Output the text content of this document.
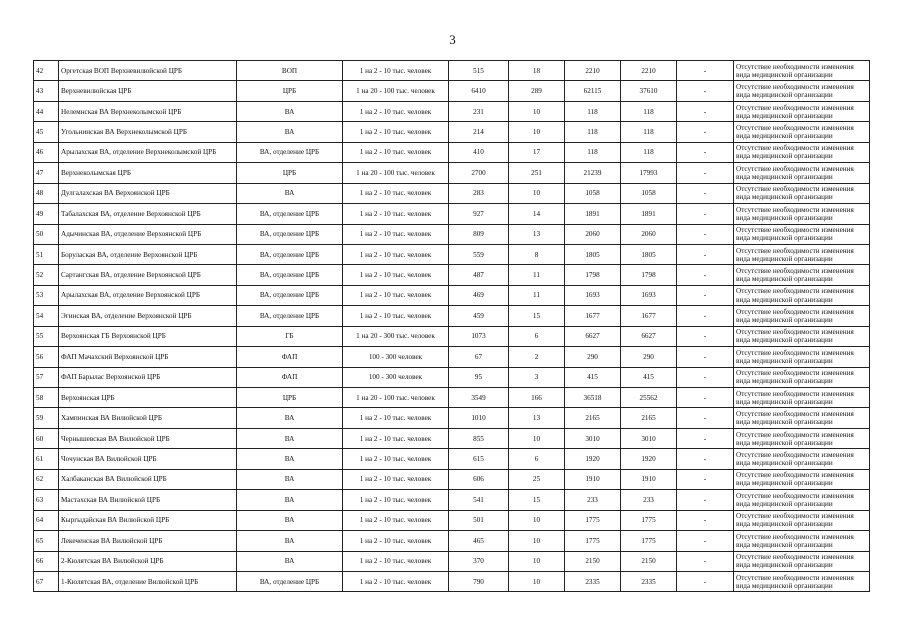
3
42	Оргетская ВОП Верхневилюйской ЦРБ	ВОП	1 на 2 - 10 тыс. человек	515	18	2210	2210	-	Отсутствие необходимости изменения вида медицинской организации
43	Верхневилюйская ЦРБ	ЦРБ	1 на 20 - 100 тыс. человек	6410	289	62115	37610	-	Отсутствие необходимости изменения вида медицинской организации
44	Нелемнская ВА Верхнеколымской ЦРБ	ВА	1 на 2 - 10 тыс. человек	231	10	118	118	-	Отсутствие необходимости изменения вида медицинской организации
45	Угольнинская ВА Верхнеколымской ЦРБ	ВА	1 на 2 - 10 тыс. человек	214	10	118	118	-	Отсутствие необходимости изменения вида медицинской организации
46	Арылахская ВА, отделение Верхнеколымской ЦРБ	ВА, отделение ЦРБ	1 на 2 - 10 тыс. человек	410	17	118	118	-	Отсутствие необходимости изменения вида медицинской организации
47	Верхнеколымская ЦРБ	ЦРБ	1 на 20 - 100 тыс. человек	2700	251	21239	17993	-	Отсутствие необходимости изменения вида медицинской организации
48	Дулгалахская ВА Верхоянской ЦРБ	ВА	1 на 2 - 10 тыс. человек	283	10	1058	1058	-	Отсутствие необходимости изменения вида медицинской организации
49	Табалахская ВА, отделение Верхоянской ЦРБ	ВА, отделение ЦРБ	1 на 2 - 10 тыс. человек	927	14	1891	1891	-	Отсутствие необходимости изменения вида медицинской организации
50	Адычинская ВА, отделение Верхоянской ЦРБ	ВА, отделение ЦРБ	1 на 2 - 10 тыс. человек	809	13	2060	2060	-	Отсутствие необходимости изменения вида медицинской организации
51	Борулаская ВА, отделение Верхоянской ЦРБ	ВА, отделение ЦРБ	1 на 2 - 10 тыс. человек	559	8	1805	1805	-	Отсутствие необходимости изменения вида медицинской организации
52	Сартангская ВА, отделение Верхоянской ЦРБ	ВА, отделение ЦРБ	1 на 2 - 10 тыс. человек	487	11	1798	1798	-	Отсутствие необходимости изменения вида медицинской организации
53	Арылахская ВА, отделение Верхоянской ЦРБ	ВА, отделение ЦРБ	1 на 2 - 10 тыс. человек	469	11	1693	1693	-	Отсутствие необходимости изменения вида медицинской организации
54	Эгинская ВА, отделение Верхоянской ЦРБ	ВА, отделение ЦРБ	1 на 2 - 10 тыс. человек	459	15	1677	1677	-	Отсутствие необходимости изменения вида медицинской организации
55	Верхоянская ГБ Верхоянской ЦРБ	ГБ	1 на 20 - 300 тыс. человек	1073	6	6627	6627	-	Отсутствие необходимости изменения вида медицинской организации
56	ФАП Мачахский Верхоянской ЦРБ	ФАП	100 - 300 человек	67	2	290	290	-	Отсутствие необходимости изменения вида медицинской организации
57	ФАП Барылас Верхоянской ЦРБ	ФАП	100 - 300 человек	95	3	415	415	-	Отсутствие необходимости изменения вида медицинской организации
58	Верхоянская ЦРБ	ЦРБ	1 на 20 - 100 тыс. человек	3549	166	36518	25562	-	Отсутствие необходимости изменения вида медицинской организации
59	Хампинская ВА Вилюйской ЦРБ	ВА	1 на 2 - 10 тыс. человек	1010	13	2165	2165	-	Отсутствие необходимости изменения вида медицинской организации
60	Чернышевская ВА Вилюйской ЦРБ	ВА	1 на 2 - 10 тыс. человек	855	10	3010	3010	-	Отсутствие необходимости изменения вида медицинской организации
61	Чочунская ВА Вилюйской ЦРБ	ВА	1 на 2 - 10 тыс. человек	615	6	1920	1920	-	Отсутствие необходимости изменения вида медицинской организации
62	Халбаканская ВА Вилюйской ЦРБ	ВА	1 на 2 - 10 тыс. человек	606	25	1910	1910	-	Отсутствие необходимости изменения вида медицинской организации
63	Мастахская ВА Вилюйской ЦРБ	ВА	1 на 2 - 10 тыс. человек	541	15	233	233	-	Отсутствие необходимости изменения вида медицинской организации
64	Кыргыдайская ВА Вилюйской ЦРБ	ВА	1 на 2 - 10 тыс. человек	501	10	1775	1775	-	Отсутствие необходимости изменения вида медицинской организации
65	Лекеченская ВА Вилюйской ЦРБ	ВА	1 на 2 - 10 тыс. человек	465	10	1775	1775	-	Отсутствие необходимости изменения вида медицинской организации
66	2-Кюлятская ВА Вилюйской ЦРБ	ВА	1 на 2 - 10 тыс. человек	370	10	2150	2150	-	Отсутствие необходимости изменения вида медицинской организации
67	1-Кюлятская ВА, отделение Вилюйской ЦРБ	ВА, отделение ЦРБ	1 на 2 - 10 тыс. человек	790	10	2335	2335	-	Отсутствие необходимости изменения вида медицинской организации
